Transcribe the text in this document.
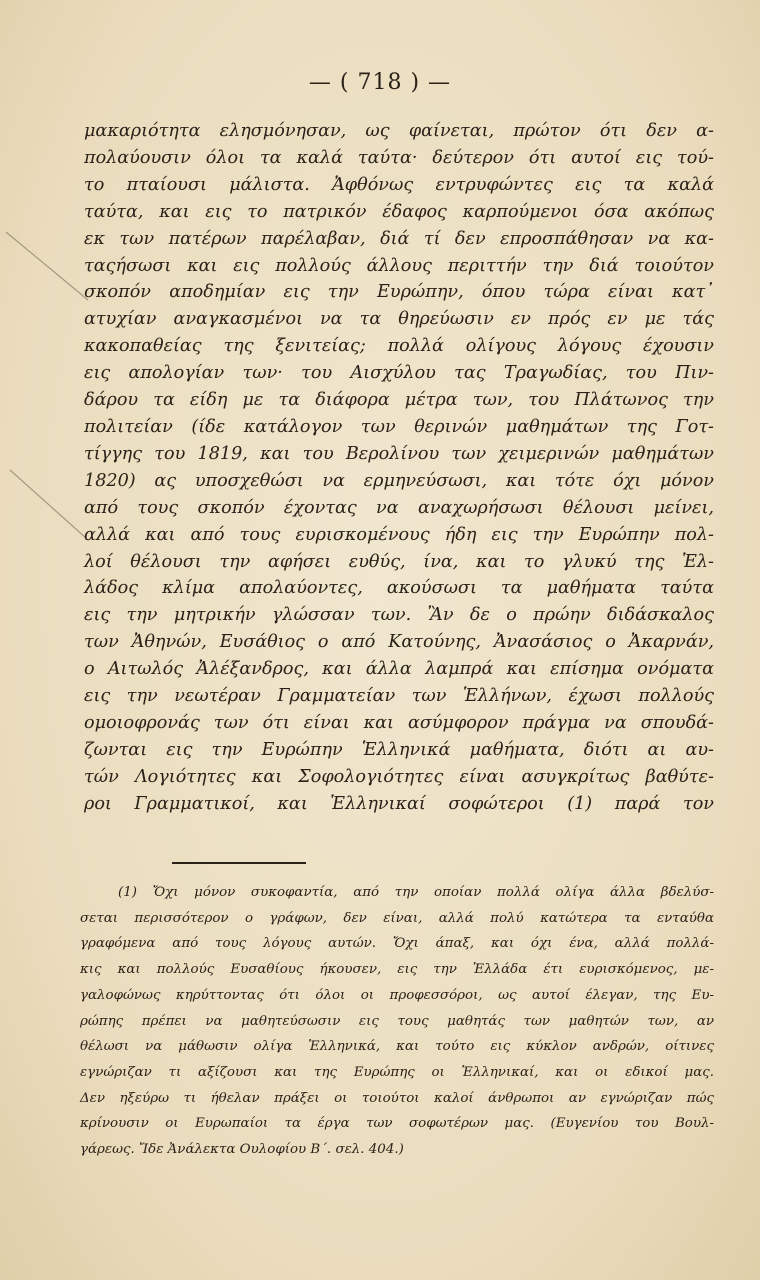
— ( 718 ) —
μακαριότητα ελησμόνησαν, ως φαίνεται, πρώτον ότι δεν α-
πολαύουσιν όλοι τα καλά ταύτα· δεύτερον ότι αυτοί εις τού-
το πταίουσι μάλιστα. Ἀφθόνως εντρυφώντες εις τα καλά
ταύτα, και εις το πατρικόν έδαφος καρπούμενοι όσα ακόπως
εκ των πατέρων παρέλαβαν, διά τί δεν επροσπάθησαν να κα-
ταςήσωσι και εις πολλούς άλλους περιττήν την διά τοιούτον
σκοπόν αποδημίαν εις την Ευρώπην, όπου τώρα είναι κατ᾽
ατυχίαν αναγκασμένοι να τα θηρεύωσιν εν πρός εν με τάς
κακοπαθείας της ξενιτείας; πολλά ολίγους λόγους έχουσιν
εις απολογίαν των· του Αισχύλου τας Τραγωδίας, του Πιν-
δάρου τα είδη με τα διάφορα μέτρα των, του Πλάτωνος την
πολιτείαν (ίδε κατάλογον των θερινών μαθημάτων της Γοτ-
τίγγης του 1819, και του Βερολίνου των χειμερινών μαθημάτων
1820) ας υποσχεθώσι να ερμηνεύσωσι, και τότε όχι μόνον
από τους σκοπόν έχοντας να αναχωρήσωσι θέλουσι μείνει,
αλλά και από τους ευρισκομένους ήδη εις την Ευρώπην πολ-
λοί θέλουσι την αφήσει ευθύς, ίνα, και το γλυκύ της Ἑλ-
λάδος κλίμα απολαύοντες, ακούσωσι τα μαθήματα ταύτα
εις την μητρικήν γλώσσαν των. Ἂν δε ο πρώην διδάσκαλος
των Ἀθηνών, Ευσάθιος ο από Κατούνης, Ἀνασάσιος ο Ἀκαρνάν,
ο Αιτωλός Ἀλέξανδρος, και άλλα λαμπρά και επίσημα ονόματα
εις την νεωτέραν Γραμματείαν των Ἑλλήνων, έχωσι πολλούς
ομοιοφρονάς των ότι είναι και ασύμφορον πράγμα να σπουδά-
ζωνται εις την Ευρώπην Ἑλληνικά μαθήματα, διότι αι αυ-
τών Λογιότητες και Σοφολογιότητες είναι ασυγκρίτως βαθύτε-
ροι Γραμματικοί, και Ἑλληνικαί σοφώτεροι (1) παρά τον
(1) Ὄχι μόνον συκοφαντία, από την οποίαν πολλά ολίγα άλλα βδελύσ-
σεται περισσότερον ο γράφων, δεν είναι, αλλά πολύ κατώτερα τα ενταύθα
γραφόμενα από τους λόγους αυτών. Ὄχι άπαξ, και όχι ένα, αλλά πολλά-
κις και πολλούς Ευσαθίους ήκουσεν, εις την Ἑλλάδα έτι ευρισκόμενος, με-
γαλοφώνως κηρύττοντας ότι όλοι οι προφεσσόροι, ως αυτοί έλεγαν, της Ευ-
ρώπης πρέπει να μαθητεύσωσιν εις τους μαθητάς των μαθητών των, αν
θέλωσι να μάθωσιν ολίγα Ἑλληνικά, και τούτο εις κύκλον ανδρών, οίτινες
εγνώριζαν τι αξίζουσι και της Ευρώπης οι Ἑλληνικαί, και οι εδικοί μας.
Δεν ηξεύρω τι ήθελαν πράξει οι τοιούτοι καλοί άνθρωποι αν εγνώριζαν πώς
κρίνουσιν οι Ευρωπαίοι τα έργα των σοφωτέρων μας. (Ευγενίου του Βουλ-
γάρεως. Ἴδε Ἀνάλεκτα Ουλοφίου Β΄. σελ. 404.)
